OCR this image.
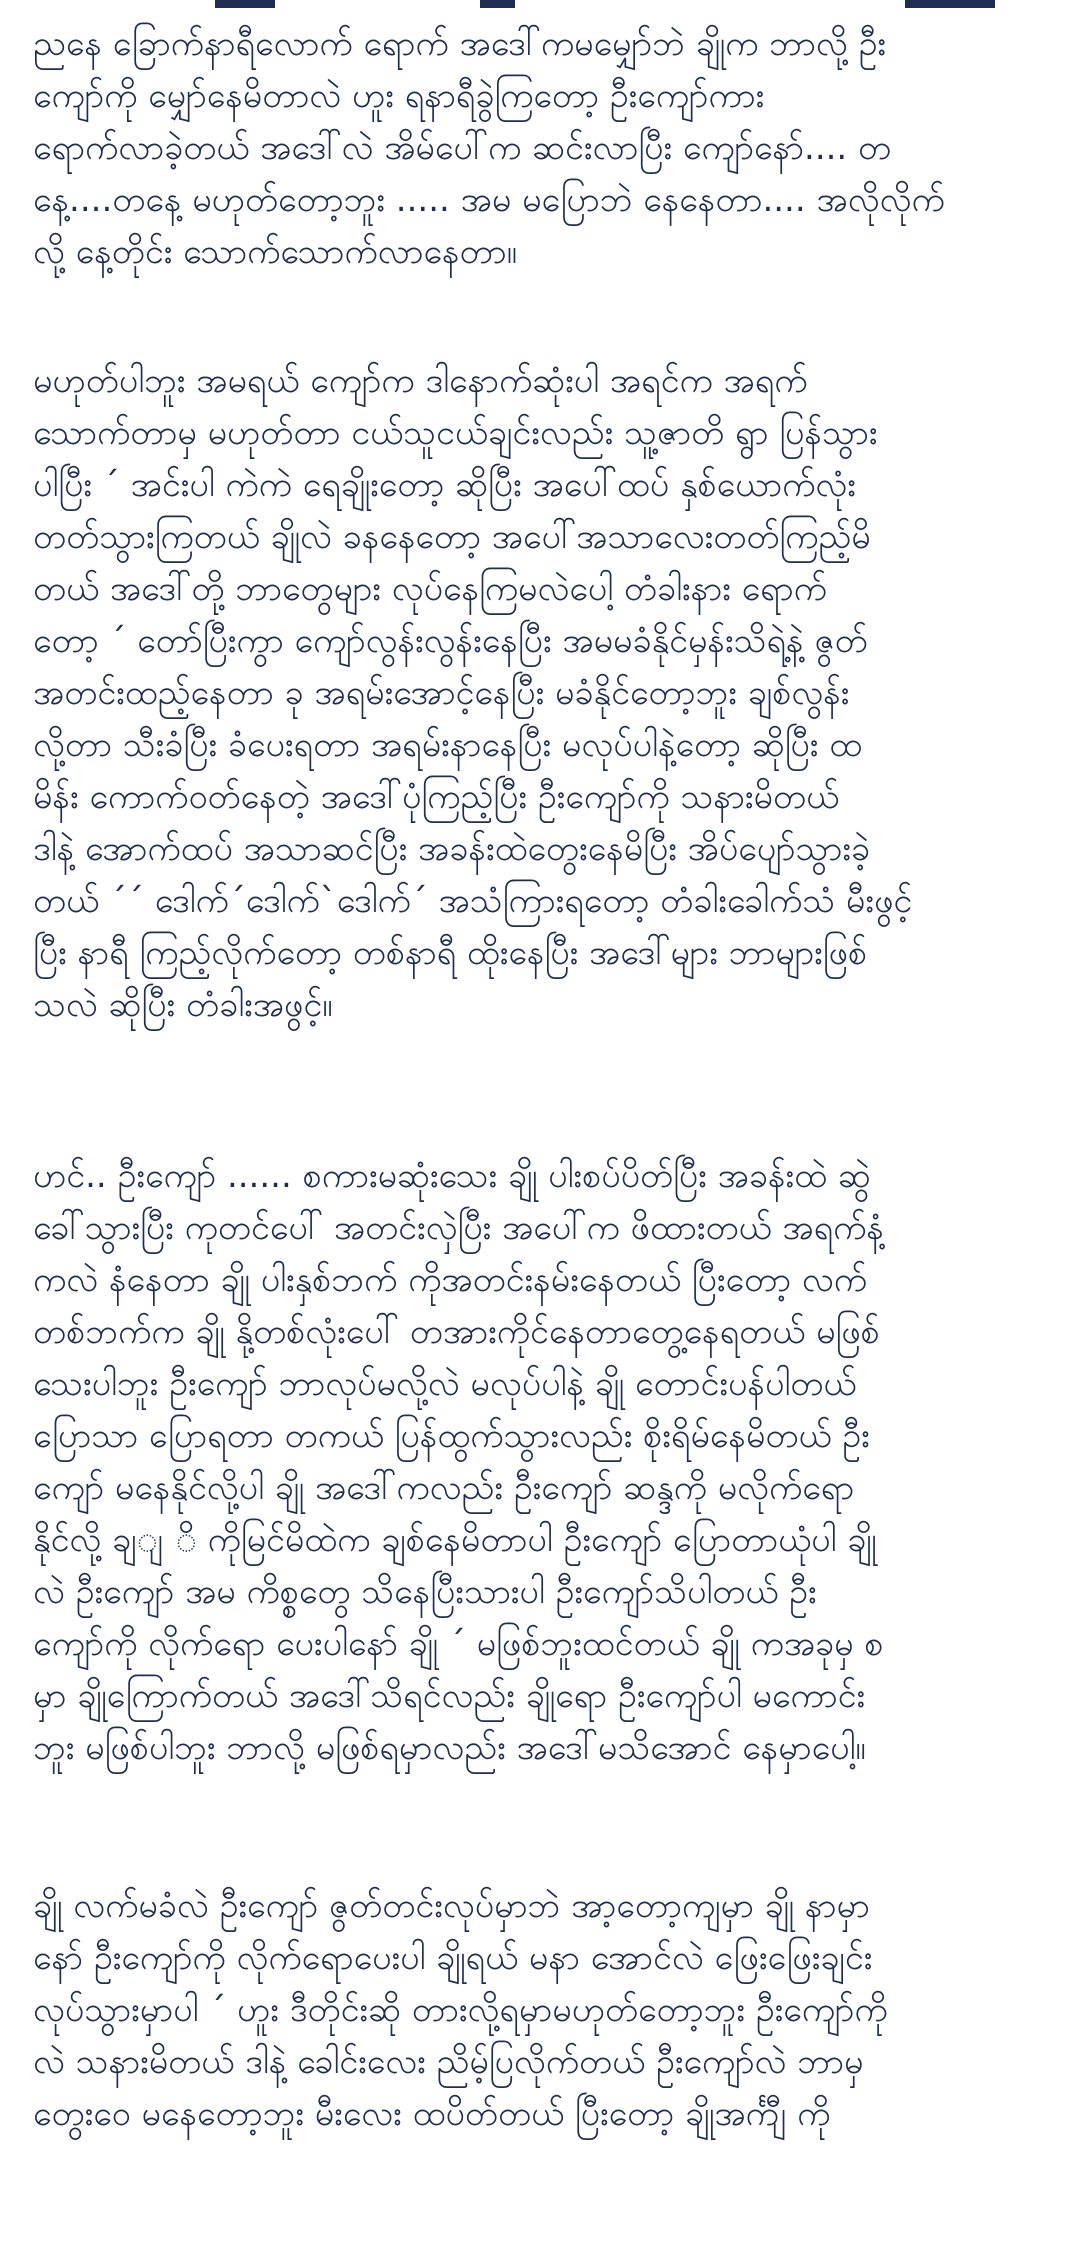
ညနေ ခြောက်နာရီလောက် ရောက် အဒေါ်ကမမျှော်ဘဲ ချိုက ဘာလို့ ဦး
ကျော်ကို မျှော်နေမိတာလဲ ဟူး ရနာရီခွဲကြတော့ ဦးကျော်ကား
ရောက်လာခဲ့တယ် အဒေါ်လဲ အိမ်ပေါ်က ဆင်းလာပြီး ကျော်နော်.... တ
နေ့....တနေ့ မဟုတ်တော့ဘူး ..... အမ မပြောဘဲ နေနေတာ.... အလိုလိုက်
လို့ နေ့တိုင်း သောက်သောက်လာနေတာ။
မဟုတ်ပါဘူး အမရယ် ကျော်က ဒါနောက်ဆုံးပါ အရင်က အရက်
သောက်တာမှ မဟုတ်တာ ငယ်သူငယ်ချင်းလည်း သူ့ဇာတိ ရွာ ပြန်သွား
ပါပြီး ´ အင်းပါ ကဲကဲ ရေချိုးတော့ ဆိုပြီး အပေါ်ထပ် နှစ်ယောက်လုံး
တတ်သွားကြတယ် ချိုလဲ ခနနေတော့ အပေါ်အသာလေးတတ်ကြည့်မိ
တယ် အဒေါ်တို့ ဘာတွေများ လုပ်နေကြမလဲပေါ့ တံခါးနား ရောက်
တော့ ´ တော်ပြီးကွာ ကျော်လွန်းလွန်းနေပြီး အမမခံနိုင်မှန်းသိရဲ့နဲ့ ဇွတ်
အတင်းထည့်နေတာ ခု အရမ်းအောင့်နေပြီး မခံနိုင်တော့ဘူး ချစ်လွန်း
လို့တာ သီးခံပြီး ခံပေးရတာ အရမ်းနာနေပြီး မလုပ်ပါနဲ့တော့ ဆိုပြီး ထ
မိန်း ကောက်ဝတ်နေတဲ့ အဒေါ်ပုံကြည့်ပြီး ဦးကျော်ကို သနားမိတယ်
ဒါနဲ့ အောက်ထပ် အသာဆင်ပြီး အခန်းထဲတွေးနေမိပြီး အိပ်ပျော်သွားခဲ့
တယ် ´´ ဒေါက်´ဒေါက်`ဒေါက်´ အသံကြားရတော့ တံခါးခေါက်သံ မီးဖွင့်
ပြီး နာရီ ကြည့်လိုက်တော့ တစ်နာရီ ထိုးနေပြီး အဒေါ်များ ဘာများဖြစ်
သလဲ ဆိုပြီး တံခါးအဖွင့်။
ဟင်.. ဦးကျော် ...... စကားမဆုံးသေး ချို ပါးစပ်ပိတ်ပြီး အခန်းထဲ ဆွဲ
ခေါ်သွားပြီး ကုတင်ပေါ် အတင်းလှဲပြီး အပေါ်က ဖိထားတယ် အရက်နံ့
ကလဲ နံနေတာ ချို ပါးနှစ်ဘက် ကိုအတင်းနမ်းနေတယ် ပြီးတော့ လက်
တစ်ဘက်က ချို နို့တစ်လုံးပေါ် တအားကိုင်နေတာတွေ့နေရတယ် မဖြစ်
သေးပါဘူး ဦးကျော် ဘာလုပ်မလို့လဲ မလုပ်ပါနဲ့ ချို တောင်းပန်ပါတယ်
ပြောသာ ပြောရတာ တကယ် ပြန်ထွက်သွားလည်း စိုးရိမ်နေမိတယ် ဦး
ကျော် မနေနိုင်လို့ပါ ချို အဒေါ်ကလည်း ဦးကျော် ဆန္ဒကို မလိုက်ရော
နိုင်လို့ ချျ ိ ကိုမြင်မိထဲက ချစ်နေမိတာပါ ဦးကျော် ပြောတာယုံပါ ချို
လဲ ဦးကျော် အမ ကိစ္စတွေ သိနေပြီးသားပါ ဦးကျော်သိပါတယ် ဦး
ကျော်ကို လိုက်ရော ပေးပါနော် ချို ´ မဖြစ်ဘူးထင်တယ် ချို ကအခုမှ စ
မှာ ချိုကြောက်တယ် အဒေါ်သိရင်လည်း ချိုရော ဦးကျော်ပါ မကောင်း
ဘူး မဖြစ်ပါဘူး ဘာလို့ မဖြစ်ရမှာလည်း အဒေါ်မသိအောင် နေမှာပေါ့။
ချို လက်မခံလဲ ဦးကျော် ဇွတ်တင်းလုပ်မှာဘဲ အာ့တော့ကျမှာ ချို နာမှာ
နော် ဦးကျော်ကို လိုက်ရောပေးပါ ချိုရယ် မနာ အောင်လဲ ဖြေးဖြေးချင်း
လုပ်သွားမှာပါ ´ ဟူး ဒီတိုင်းဆို တားလို့ရမှာမဟုတ်တော့ဘူး ဦးကျော်ကို
လဲ သနားမိတယ် ဒါနဲ့ ခေါင်းလေး ညိမ့်ပြလိုက်တယ် ဦးကျော်လဲ ဘာမှ
တွေးဝေ မနေတော့ဘူး မီးလေး ထပိတ်တယ် ပြီးတော့ ချိုအင်္ကျီ ကို
